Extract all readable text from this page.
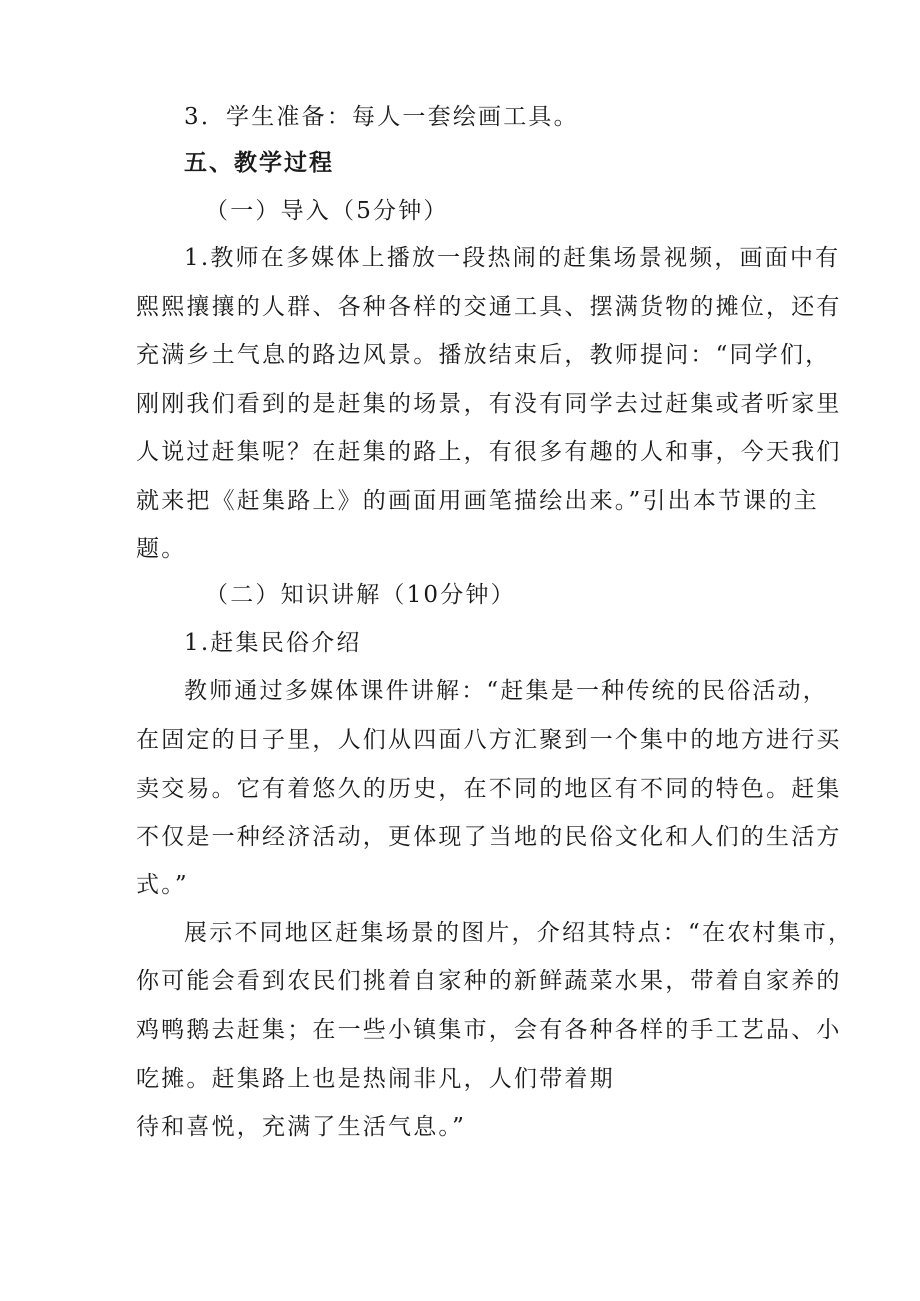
3．学生准备：每人一套绘画工具。
五、教学过程
（一）导入（5分钟）
1.教师在多媒体上播放一段热闹的赶集场景视频，画面中有
熙熙攘攘的人群、各种各样的交通工具、摆满货物的摊位，还有
充满乡土气息的路边风景。播放结束后，教师提问：“同学们，
刚刚我们看到的是赶集的场景，有没有同学去过赶集或者听家里
人说过赶集呢？在赶集的路上，有很多有趣的人和事，今天我们
就来把《赶集路上》的画面用画笔描绘出来。”引出本节课的主
题。
（二）知识讲解（10分钟）
1.赶集民俗介绍
教师通过多媒体课件讲解：“赶集是一种传统的民俗活动，
在固定的日子里，人们从四面八方汇聚到一个集中的地方进行买
卖交易。它有着悠久的历史，在不同的地区有不同的特色。赶集
不仅是一种经济活动，更体现了当地的民俗文化和人们的生活方
式。”
展示不同地区赶集场景的图片，介绍其特点：“在农村集市，
你可能会看到农民们挑着自家种的新鲜蔬菜水果，带着自家养的
鸡鸭鹅去赶集；在一些小镇集市，会有各种各样的手工艺品、小
吃摊。赶集路上也是热闹非凡，人们带着期
待和喜悦，充满了生活气息。”
